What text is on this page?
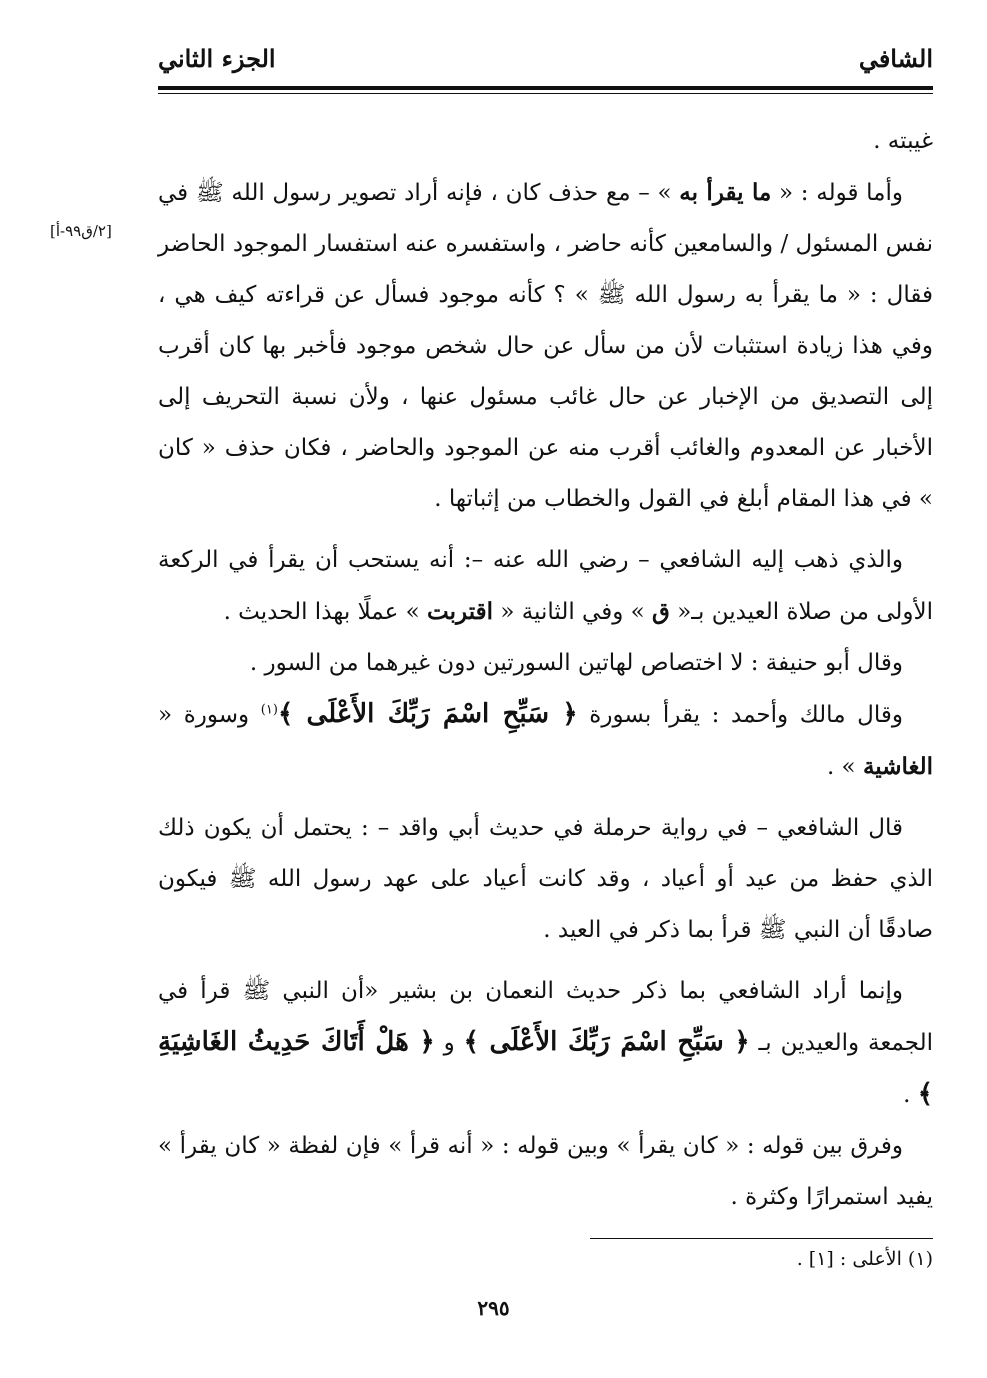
الشافي
الجزء الثاني
[٢/ق٩٩-أ]

غيبته .

وأما قوله : « ما يقرأ به » – مع حذف كان ، فإنه أراد تصوير رسول الله ﷺ في نفس المسئول / والسامعين كأنه حاضر ، واستفسره عنه استفسار الموجود الحاضر فقال : « ما يقرأ به رسول الله ﷺ » ؟ كأنه موجود فسأل عن قراءته كيف هي ، وفي هذا زيادة استثبات لأن من سأل عن حال شخص موجود فأخبر بها كان أقرب إلى التصديق من الإخبار عن حال غائب مسئول عنها ، ولأن نسبة التحريف إلى الأخبار عن المعدوم والغائب أقرب منه عن الموجود والحاضر ، فكان حذف « كان » في هذا المقام أبلغ في القول والخطاب من إثباتها .

والذي ذهب إليه الشافعي – رضي الله عنه –: أنه يستحب أن يقرأ في الركعة الأولى من صلاة العيدين بـ« ق » وفي الثانية « اقتربت » عملًا بهذا الحديث .

وقال أبو حنيفة : لا اختصاص لهاتين السورتين دون غيرهما من السور .

وقال مالك وأحمد : يقرأ بسورة ﴿ سَبِّحِ اسْمَ رَبِّكَ الأَعْلَى ﴾$^{(١)}$ وسورة « الغاشية » .

قال الشافعي – في رواية حرملة في حديث أبي واقد – : يحتمل أن يكون ذلك الذي حفظ من عيد أو أعياد ، وقد كانت أعياد على عهد رسول الله ﷺ فيكون صادقًا أن النبي ﷺ قرأ بما ذكر في العيد .

وإنما أراد الشافعي بما ذكر حديث النعمان بن بشير «أن النبي ﷺ قرأ في الجمعة والعيدين بـ ﴿ سَبِّحِ اسْمَ رَبِّكَ الأَعْلَى ﴾ و ﴿ هَلْ أَتَاكَ حَدِيثُ الغَاشِيَةِ ﴾ .

وفرق بين قوله : « كان يقرأ » وبين قوله : « أنه قرأ » فإن لفظة « كان يقرأ » يفيد استمرارًا وكثرة .

(١) الأعلى : [١] .
٢٩٥
